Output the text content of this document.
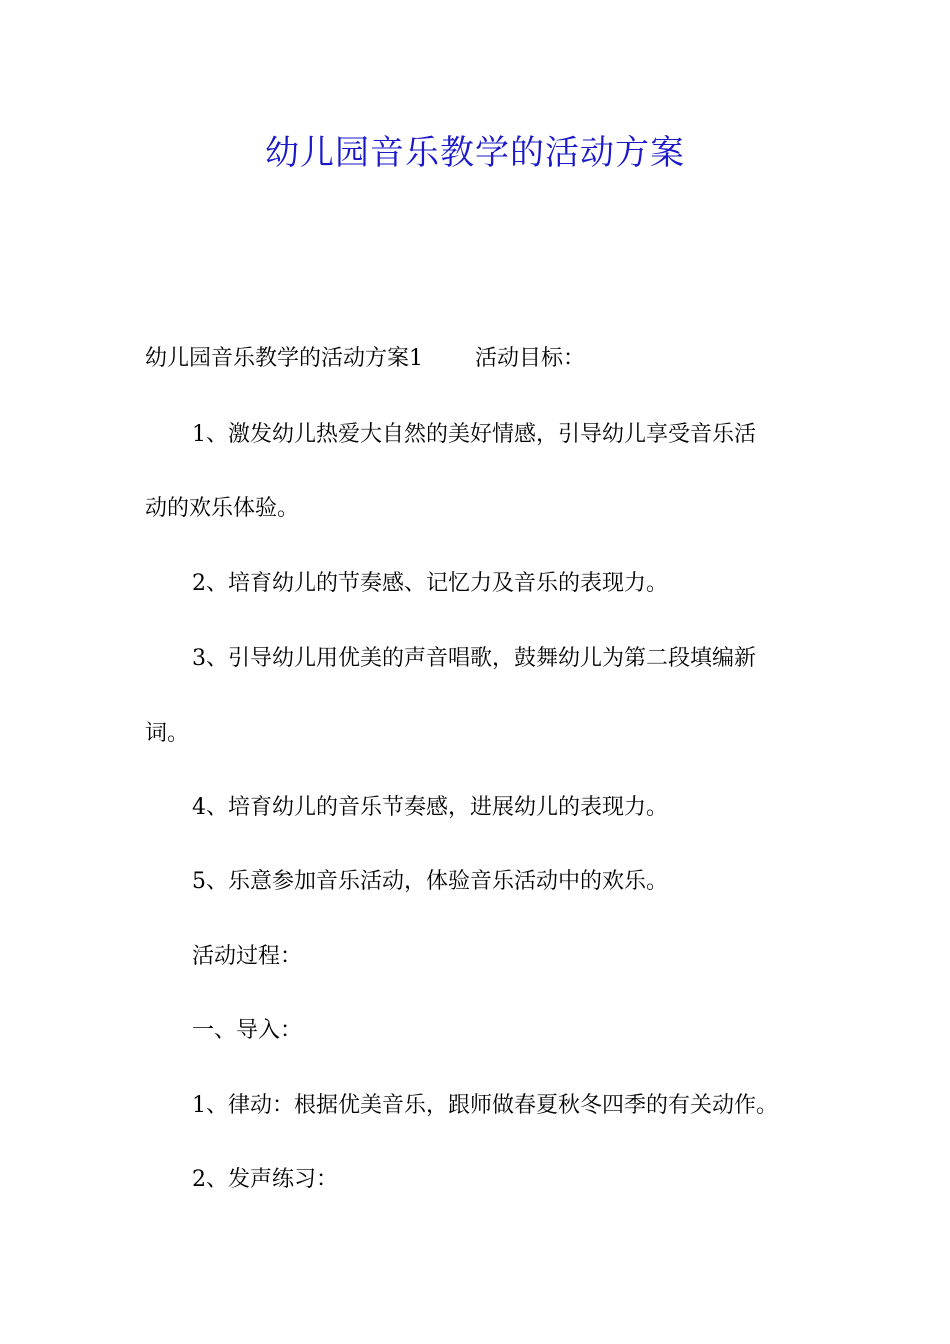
幼儿园音乐教学的活动方案
幼儿园音乐教学的活动方案1 活动目标：
1、激发幼儿热爱大自然的美好情感，引导幼儿享受音乐活
动的欢乐体验。
2、培育幼儿的节奏感、记忆力及音乐的表现力。
3、引导幼儿用优美的声音唱歌，鼓舞幼儿为第二段填编新
词。
4、培育幼儿的音乐节奏感，进展幼儿的表现力。
5、乐意参加音乐活动，体验音乐活动中的欢乐。
活动过程：
一、导入：
1、律动：根据优美音乐，跟师做春夏秋冬四季的有关动作。
2、发声练习：
